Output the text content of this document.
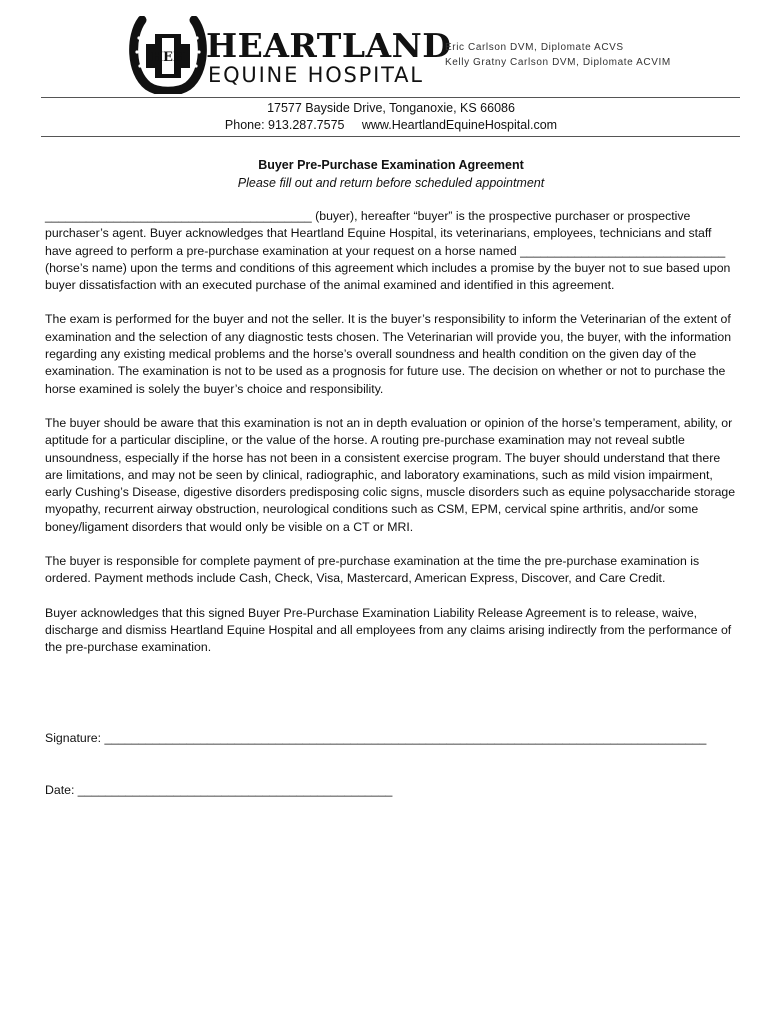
HEH HEARTLAND
EQUINE HOSPITAL
Eric Carlson DVM, Diplomate ACVS
Kelly Gratny Carlson DVM, Diplomate ACVIM
17577 Bayside Drive, Tonganoxie, KS 66086
Phone: 913.287.7575     www.HeartlandEquineHospital.com
Buyer Pre-Purchase Examination Agreement
Please fill out and return before scheduled appointment

_______________________________________ (buyer), hereafter “buyer” is the prospective purchaser or prospective purchaser’s agent. Buyer acknowledges that Heartland Equine Hospital, its veterinarians, employees, technicians and staff have agreed to perform a pre-purchase examination at your request on a horse named ______________________________ (horse’s name) upon the terms and conditions of this agreement which includes a promise by the buyer not to sue based upon buyer dissatisfaction with an executed purchase of the animal examined and identified in this agreement.

The exam is performed for the buyer and not the seller. It is the buyer’s responsibility to inform the Veterinarian of the extent of examination and the selection of any diagnostic tests chosen. The Veterinarian will provide you, the buyer, with the information regarding any existing medical problems and the horse’s overall soundness and health condition on the given day of the examination. The examination is not to be used as a prognosis for future use. The decision on whether or not to purchase the horse examined is solely the buyer’s choice and responsibility.

The buyer should be aware that this examination is not an in depth evaluation or opinion of the horse’s temperament, ability, or aptitude for a particular discipline, or the value of the horse. A routing pre-purchase examination may not reveal subtle unsoundness, especially if the horse has not been in a consistent exercise program. The buyer should understand that there are limitations, and may not be seen by clinical, radiographic, and laboratory examinations, such as mild vision impairment, early Cushing’s Disease, digestive disorders predisposing colic signs, muscle disorders such as equine polysaccharide storage myopathy, recurrent airway obstruction, neurological conditions such as CSM, EPM, cervical spine arthritis, and/or some boney/ligament disorders that would only be visible on a CT or MRI.

The buyer is responsible for complete payment of pre-purchase examination at the time the pre-purchase examination is ordered. Payment methods include Cash, Check, Visa, Mastercard, American Express, Discover, and Care Credit.

Buyer acknowledges that this signed Buyer Pre-Purchase Examination Liability Release Agreement is to release, waive, discharge and dismiss Heartland Equine Hospital and all employees from any claims arising indirectly from the performance of the pre-purchase examination.

Signature: ________________________________________________________________________________________
Date: ______________________________________________
